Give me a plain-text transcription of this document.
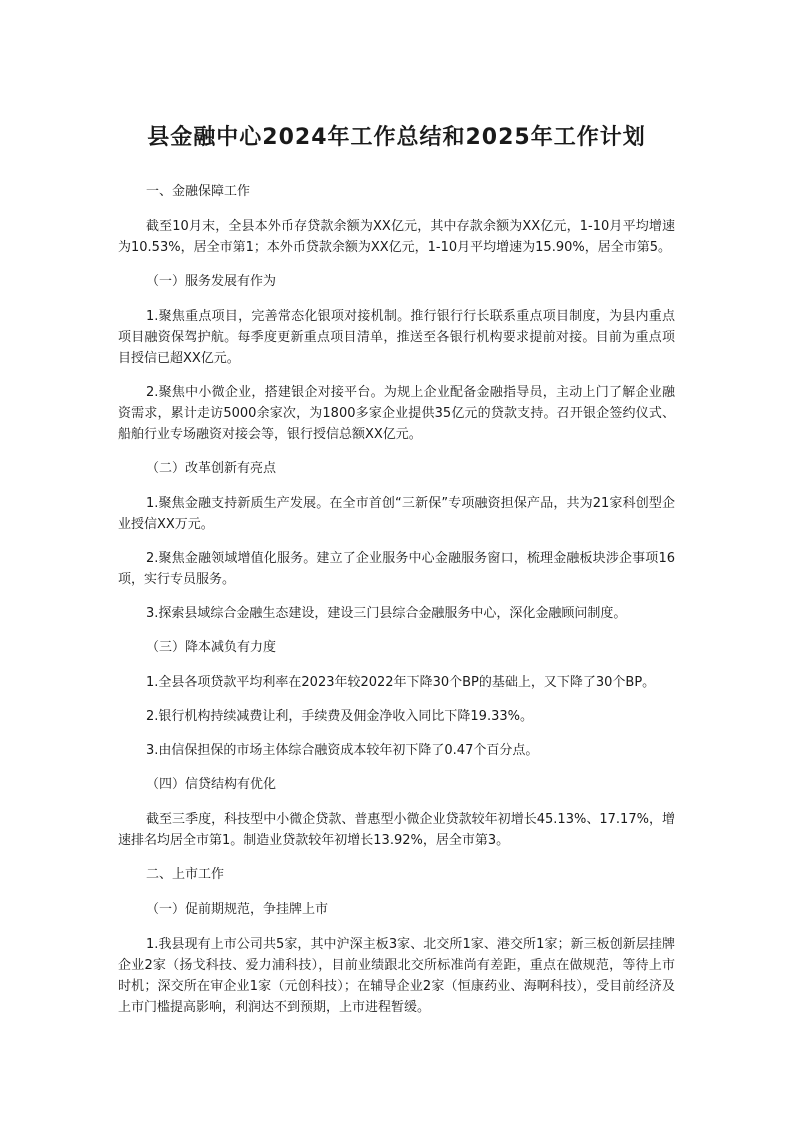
县金融中心2024年工作总结和2025年工作计划

一、金融保障工作

截至10月末，全县本外币存贷款余额为XX亿元，其中存款余额为XX亿元，1-10月平均增速为10.53%，居全市第1；本外币贷款余额为XX亿元，1-10月平均增速为15.90%，居全市第5。

（一）服务发展有作为

1.聚焦重点项目，完善常态化银项对接机制。推行银行行长联系重点项目制度，为县内重点项目融资保驾护航。每季度更新重点项目清单，推送至各银行机构要求提前对接。目前为重点项目授信已超XX亿元。

2.聚焦中小微企业，搭建银企对接平台。为规上企业配备金融指导员，主动上门了解企业融资需求，累计走访5000余家次，为1800多家企业提供35亿元的贷款支持。召开银企签约仪式、船舶行业专场融资对接会等，银行授信总额XX亿元。

（二）改革创新有亮点

1.聚焦金融支持新质生产发展。在全市首创“三新保”专项融资担保产品，共为21家科创型企业授信XX万元。

2.聚焦金融领域增值化服务。建立了企业服务中心金融服务窗口，梳理金融板块涉企事项16项，实行专员服务。

3.探索县域综合金融生态建设，建设三门县综合金融服务中心，深化金融顾问制度。

（三）降本减负有力度

1.全县各项贷款平均利率在2023年较2022年下降30个BP的基础上，又下降了30个BP。

2.银行机构持续减费让利，手续费及佣金净收入同比下降19.33%。

3.由信保担保的市场主体综合融资成本较年初下降了0.47个百分点。

（四）信贷结构有优化

截至三季度，科技型中小微企贷款、普惠型小微企业贷款较年初增长45.13%、17.17%，增速排名均居全市第1。制造业贷款较年初增长13.92%，居全市第3。

二、上市工作

（一）促前期规范，争挂牌上市

1.我县现有上市公司共5家，其中沪深主板3家、北交所1家、港交所1家；新三板创新层挂牌企业2家（扬戈科技、爱力浦科技），目前业绩跟北交所标准尚有差距，重点在做规范，等待上市时机；深交所在审企业1家（元创科技）；在辅导企业2家（恒康药业、海啊科技），受目前经济及上市门槛提高影响，利润达不到预期，上市进程暂缓。
